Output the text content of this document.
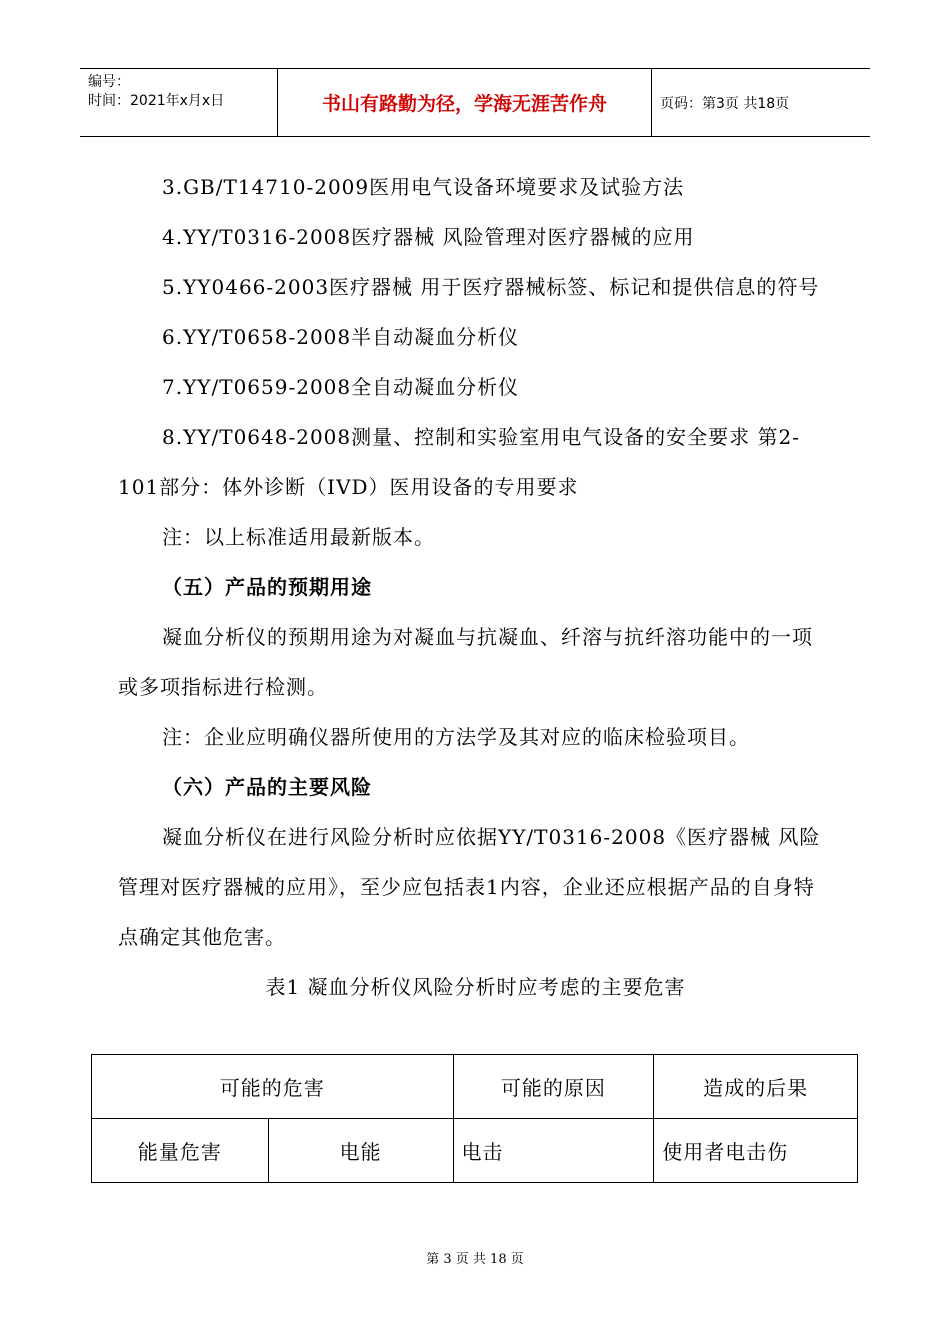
编号：
时间：2021年x月x日	书山有路勤为径，学海无涯苦作舟	页码：第3页 共18页

3.GB/T14710-2009医用电气设备环境要求及试验方法

4.YY/T0316-2008医疗器械 风险管理对医疗器械的应用

5.YY0466-2003医疗器械 用于医疗器械标签、标记和提供信息的符号

6.YY/T0658-2008半自动凝血分析仪

7.YY/T0659-2008全自动凝血分析仪

8.YY/T0648-2008测量、控制和实验室用电气设备的安全要求 第2-101部分：体外诊断（IVD）医用设备的专用要求

注：以上标准适用最新版本。

（五）产品的预期用途

凝血分析仪的预期用途为对凝血与抗凝血、纤溶与抗纤溶功能中的一项或多项指标进行检测。

注：企业应明确仪器所使用的方法学及其对应的临床检验项目。

（六）产品的主要风险

凝血分析仪在进行风险分析时应依据YY/T0316-2008《医疗器械 风险管理对医疗器械的应用》，至少应包括表1内容，企业还应根据产品的自身特点确定其他危害。

表1 凝血分析仪风险分析时应考虑的主要危害

可能的危害		可能的原因	造成的后果
能量危害	电能	电击	使用者电击伤
第 3 页 共 18 页
